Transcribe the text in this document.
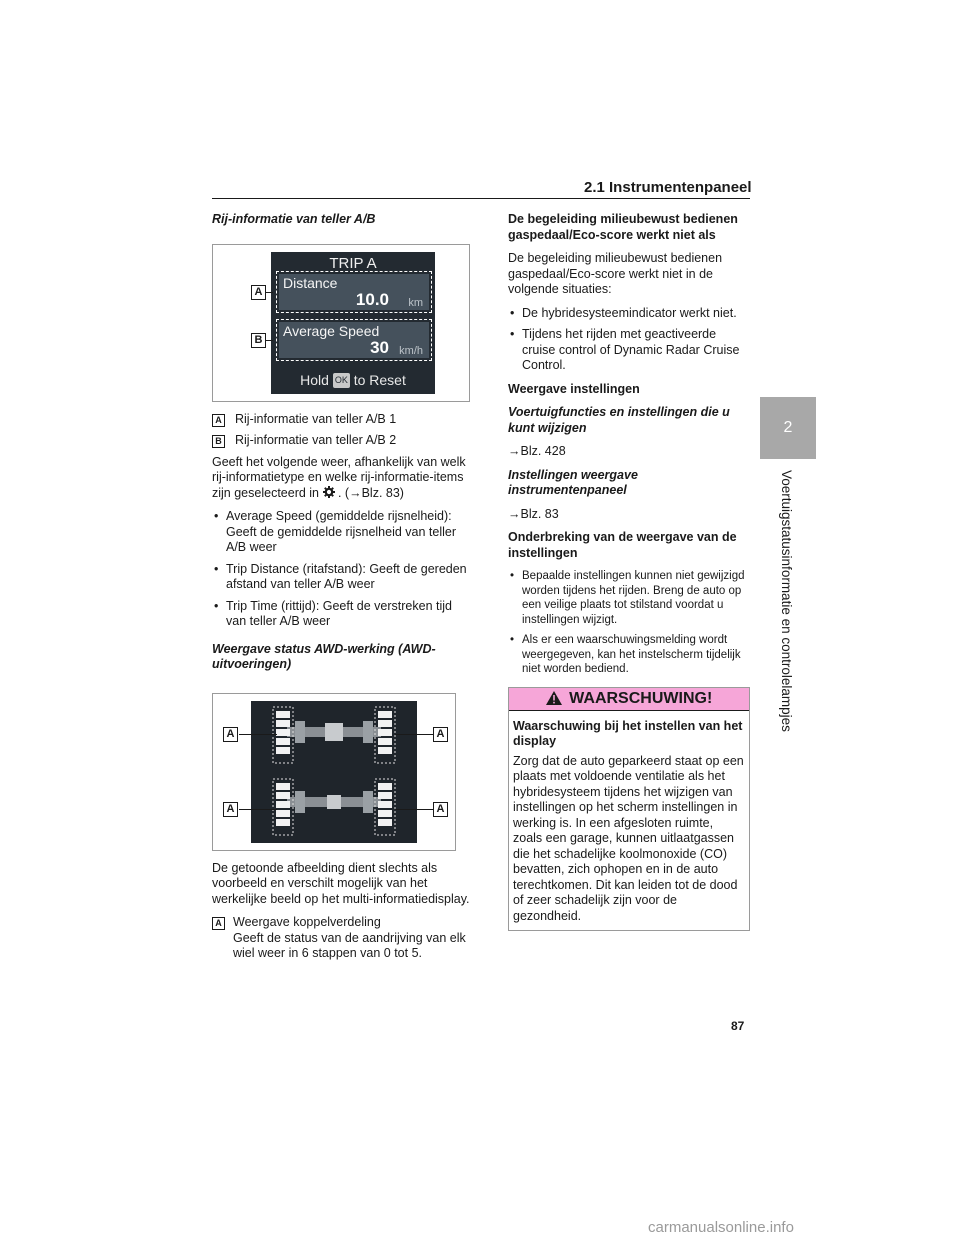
2.1 Instrumentenpaneel
2
Voertuigstatusinformatie en controlelampjes
Rij-informatie van teller A/B
TRIP A
Distance
10.0 km
Average Speed
30 km/h
Hold OK to Reset
A
B
A Rij-informatie van teller A/B 1
B Rij-informatie van teller A/B 2

Geeft het volgende weer, afhankelijk van welk rij-informatietype en welke rij-informatie-items zijn geselecteerd in . (→Blz. 83)

• Average Speed (gemiddelde rijsnelheid): Geeft de gemiddelde rijsnelheid van teller A/B weer
• Trip Distance (ritafstand): Geeft de gereden afstand van teller A/B weer
• Trip Time (rittijd): Geeft de verstreken tijd van teller A/B weer
Weergave status AWD-werking (AWD-uitvoeringen)
A	A
A	A

De getoonde afbeelding dient slechts als voorbeeld en verschilt mogelijk van het werkelijke beeld op het multi-informatiedisplay.

A Weergave koppelverdeling
Geeft de status van de aandrijving van elk wiel weer in 6 stappen van 0 tot 5.
De begeleiding milieubewust bedienen gaspedaal/Eco-score werkt niet als

De begeleiding milieubewust bedienen gaspedaal/Eco-score werkt niet in de volgende situaties:

• De hybridesysteemindicator werkt niet.
• Tijdens het rijden met geactiveerde cruise control of Dynamic Radar Cruise Control.
Weergave instellingen
Voertuigfuncties en instellingen die u kunt wijzigen

→Blz. 428

Instellingen weergave instrumentenpaneel

→Blz. 83

Onderbreking van de weergave van de instellingen
• Bepaalde instellingen kunnen niet gewijzigd worden tijdens het rijden. Breng de auto op een veilige plaats tot stilstand voordat u instellingen wijzigt.
• Als er een waarschuwingsmelding wordt weergegeven, kan het instelscherm tijdelijk niet worden bediend.
WAARSCHUWING!
Waarschuwing bij het instellen van het display
Zorg dat de auto geparkeerd staat op een plaats met voldoende ventilatie als het hybridesysteem tijdens het wijzigen van instellingen op het scherm instellingen in werking is. In een afgesloten ruimte, zoals een garage, kunnen uitlaatgassen die het schadelijke koolmonoxide (CO) bevatten, zich ophopen en in de auto terechtkomen. Dit kan leiden tot de dood of zeer schadelijk zijn voor de gezondheid.
87
carmanualsonline.info
